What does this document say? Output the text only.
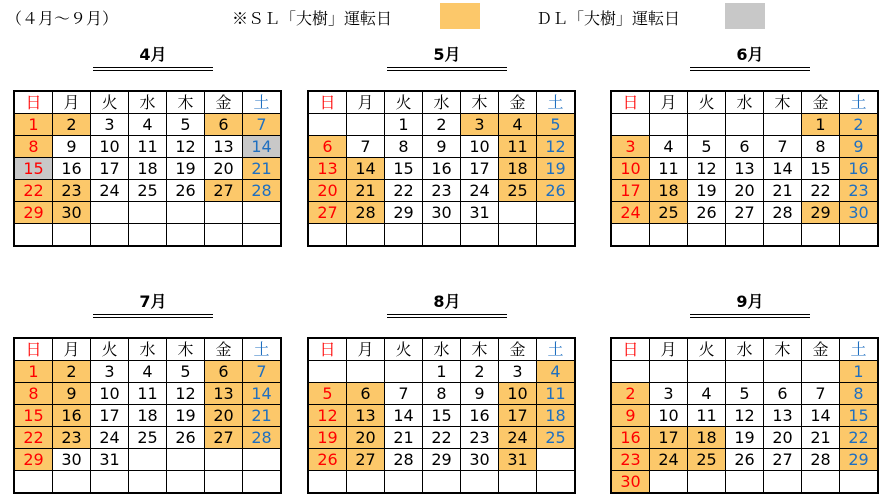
（４月～９月）	※ＳＬ「大樹」運転日	ＤＬ「大樹」運転日
4月
日	月	火	水	木	金	土
1	2	3	4	5	6	7
8	9	10	11	12	13	14
15	16	17	18	19	20	21
22	23	24	25	26	27	28
29	30					

5月
日	月	火	水	木	金	土
		1	2	3	4	5
6	7	8	9	10	11	12
13	14	15	16	17	18	19
20	21	22	23	24	25	26
27	28	29	30	31		

6月
日	月	火	水	木	金	土
					1	2
3	4	5	6	7	8	9
10	11	12	13	14	15	16
17	18	19	20	21	22	23
24	25	26	27	28	29	30

7月
日	月	火	水	木	金	土
1	2	3	4	5	6	7
8	9	10	11	12	13	14
15	16	17	18	19	20	21
22	23	24	25	26	27	28
29	30	31				

8月
日	月	火	水	木	金	土
			1	2	3	4
5	6	7	8	9	10	11
12	13	14	15	16	17	18
19	20	21	22	23	24	25
26	27	28	29	30	31	

9月
日	月	火	水	木	金	土
						1
2	3	4	5	6	7	8
9	10	11	12	13	14	15
16	17	18	19	20	21	22
23	24	25	26	27	28	29
30						
